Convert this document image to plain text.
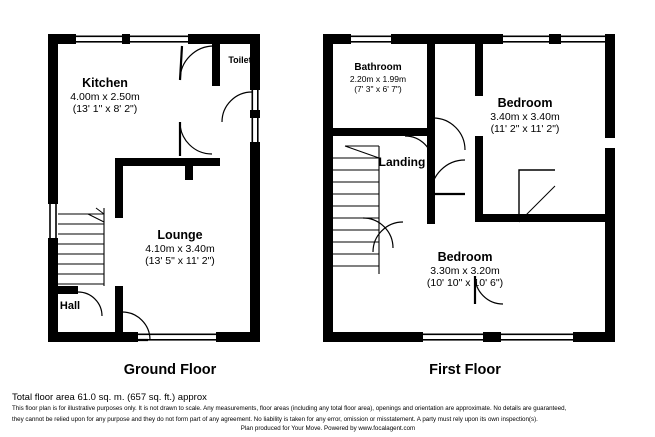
Kitchen
4.00m x 2.50m
(13' 1" x 8' 2")
Toilet
Lounge
4.10m x 3.40m
(13' 5" x 11' 2")
Hall
Ground Floor
Bathroom
2.20m x 1.99m
(7' 3" x 6' 7")
Bedroom
3.40m x 3.40m
(11' 2" x 11' 2")
Landing
Bedroom
3.30m x 3.20m
(10' 10" x 10' 6")
First Floor
Total floor area 61.0 sq. m. (657 sq. ft.) approx
This floor plan is for illustrative purposes only. It is not drawn to scale. Any measurements, floor areas (including any total floor area), openings and orientation are approximate. No details are guaranteed,
they cannot be relied upon for any purpose and they do not form part of any agreement. No liability is taken for any error, omission or misstatement. A party must rely upon its own inspection(s).
Plan produced for Your Move. Powered by www.focalagent.com
